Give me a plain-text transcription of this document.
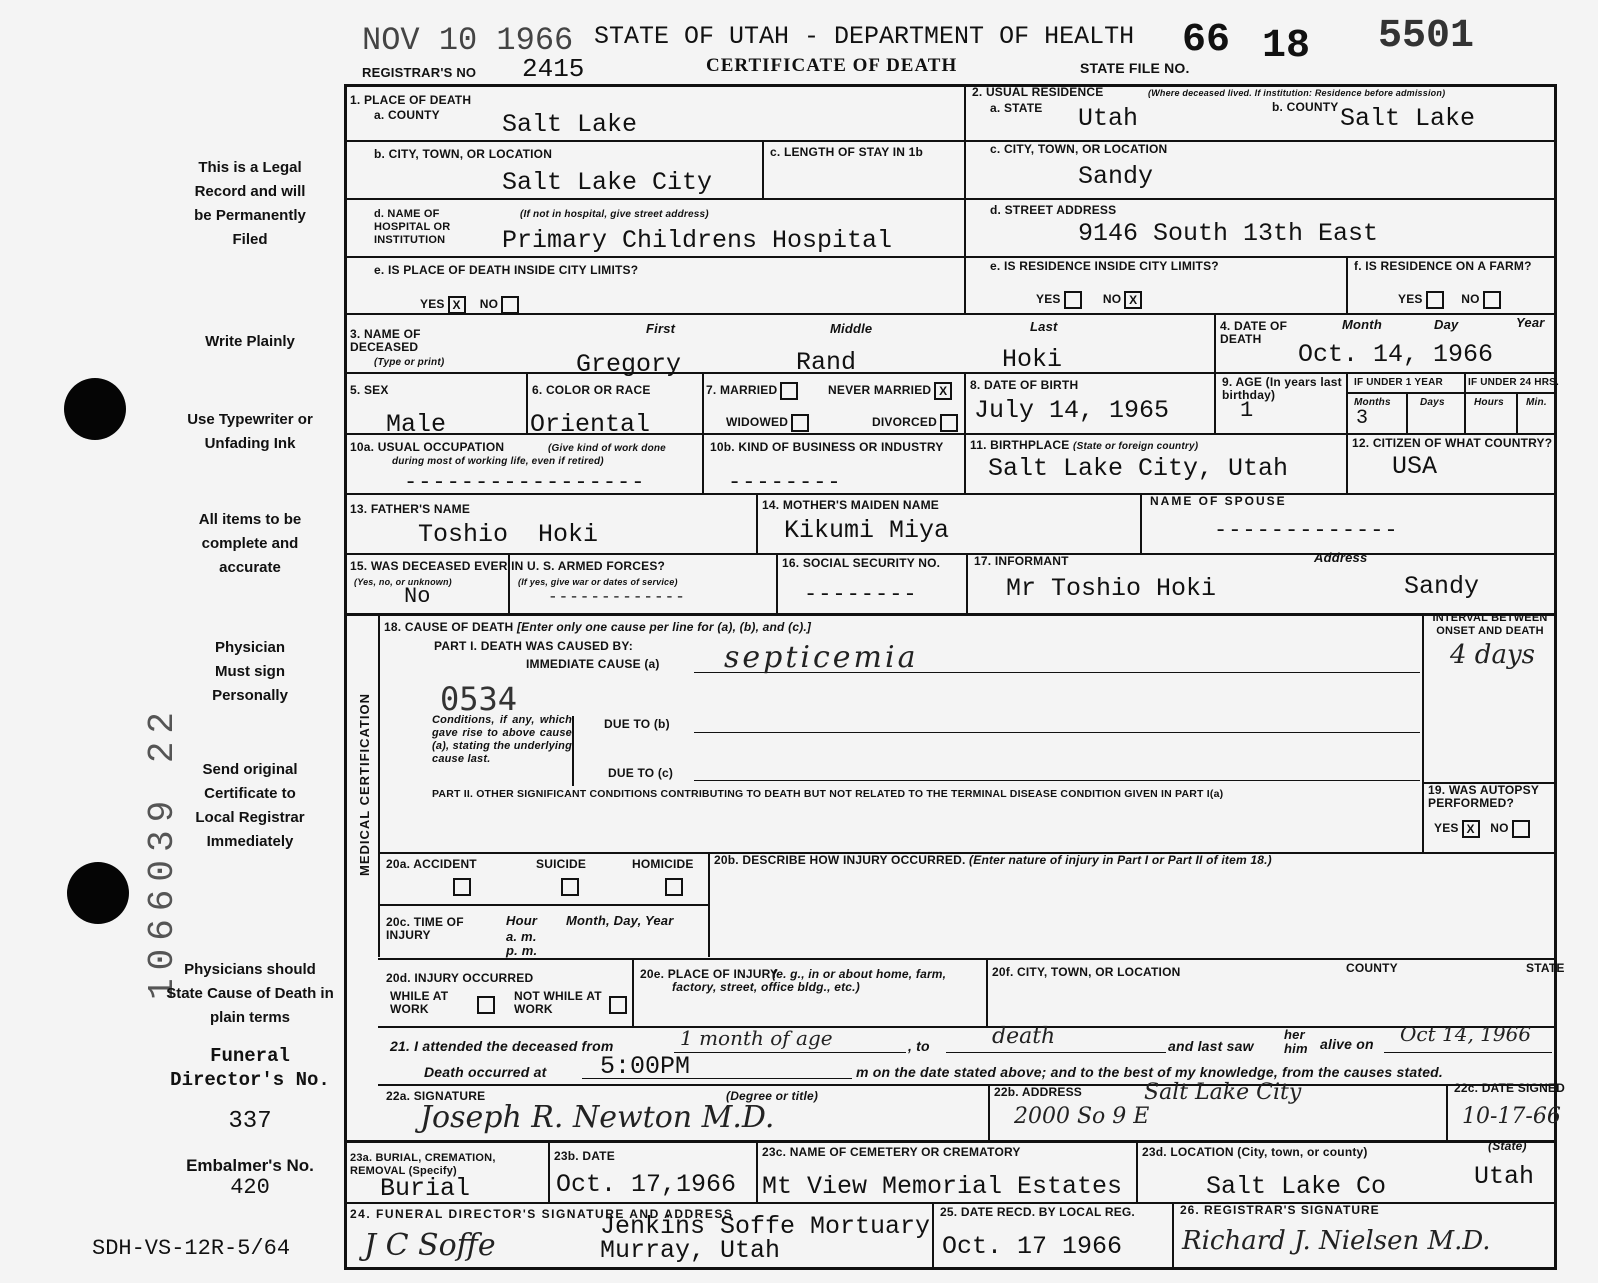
1066039 22
NOV 10 1966 STATE OF UTAH - DEPARTMENT OF HEALTH 66 18 5501
REGISTRAR'S NO 2415	CERTIFICATE OF DEATH	STATE FILE NO.
This is a Legal Record and will be Permanently Filed
Write Plainly
Use Typewriter or Unfading Ink
All items to be complete and accurate
Physician Must sign Personally
Send original Certificate to Local Registrar Immediately
Physicians should State Cause of Death in plain terms
Funeral Director's No.
337
Embalmer's No.
420
SDH-VS-12R-5/64
1. PLACE OF DEATH
a. COUNTY Salt Lake
b. CITY, TOWN, OR LOCATION
Salt Lake City
c. LENGTH OF STAY IN 1b
d. NAME OF HOSPITAL OR INSTITUTION
(If not in hospital, give street address)
Primary Childrens Hospital
e. IS PLACE OF DEATH INSIDE CITY LIMITS?
YES X NO
2. USUAL RESIDENCE	(Where deceased lived. If institution: Residence before admission)
a. STATE Utah	b. COUNTY Salt Lake
c. CITY, TOWN, OR LOCATION
Sandy
d. STREET ADDRESS
9146 South 13th East
e. IS RESIDENCE INSIDE CITY LIMITS?
YES	NO X
f. IS RESIDENCE ON A FARM?
YES	NO
3. NAME OF DECEASED
(Type or print)
First	Middle	Last
Gregory	Rand	Hoki
4. DATE OF DEATH
Month	Day	Year
Oct. 14, 1966
5. SEX
Male
6. COLOR OR RACE
Oriental
7. MARRIED	NEVER MARRIED X
WIDOWED	DIVORCED
8. DATE OF BIRTH
July 14, 1965
9. AGE (In years last birthday)
1
IF UNDER 1 YEAR	IF UNDER 24 HRS.
Months	Days	Hours Min.
3
10a. USUAL OCCUPATION	(Give kind of work done during most of working life, even if retired)
-----------------
10b. KIND OF BUSINESS OR INDUSTRY
--------
11. BIRTHPLACE (State or foreign country)
Salt Lake City, Utah
12. CITIZEN OF WHAT COUNTRY?
USA
13. FATHER'S NAME
Toshio  Hoki
14. MOTHER'S MAIDEN NAME
Kikumi Miya
NAME OF SPOUSE
-------------
15. WAS DECEASED EVER IN U. S. ARMED FORCES?
(Yes, no, or unknown)	(If yes, give war or dates of service)
No	-------------
16. SOCIAL SECURITY NO.
--------
17. INFORMANT	Address
Mr Toshio Hoki	Sandy
MEDICAL CERTIFICATION
18. CAUSE OF DEATH [Enter only one cause per line for (a), (b), and (c).]
PART I. DEATH WAS CAUSED BY:
IMMEDIATE CAUSE (a) septicemia
INTERVAL BETWEEN ONSET AND DEATH
4 days
0534
Conditions, if any, which gave rise to above cause (a), stating the underlying cause last.
DUE TO (b)
DUE TO (c)
PART II. OTHER SIGNIFICANT CONDITIONS CONTRIBUTING TO DEATH BUT NOT RELATED TO THE TERMINAL DISEASE CONDITION GIVEN IN PART I(a)	19. WAS AUTOPSY PERFORMED?
YES X NO
20a. ACCIDENT	SUICIDE	HOMICIDE 20b. DESCRIBE HOW INJURY OCCURRED. (Enter nature of injury in Part I or Part II of item 18.)
20c. TIME OF INJURY
Hour
a. m.
p. m.
Month, Day, Year
20d. INJURY OCCURRED
WHILE AT WORK
NOT WHILE AT WORK
20e. PLACE OF INJURY
(e. g., in or about home, farm, factory, street, office bldg., etc.)
20f. CITY, TOWN, OR LOCATION	COUNTY	STATE
21. I attended the deceased from	1 month of age	, to	death	and last saw
her
him alive on Oct 14, 1966
Death occurred at 5:00PM	m on the date stated above; and to the best of my knowledge, from the causes stated.
22a. SIGNATURE	(Degree or title)
Joseph R. Newton M.D.
22b. ADDRESS	Salt Lake City
2000 So 9 E
22c. DATE SIGNED
10-17-66
23a. BURIAL, CREMATION, REMOVAL (Specify)
Burial
23b. DATE
Oct. 17,1966
23c. NAME OF CEMETERY OR CREMATORY
Mt View Memorial Estates
23d. LOCATION (City, town, or county)	(State)
Salt Lake Co	Utah
24. FUNERAL DIRECTOR'S SIGNATURE AND ADDRESS
J C Soffe
Jenkins Soffe Mortuary
Murray, Utah
25. DATE RECD. BY LOCAL REG.
Oct. 17 1966
26. REGISTRAR'S SIGNATURE
Richard J. Nielsen M.D.
